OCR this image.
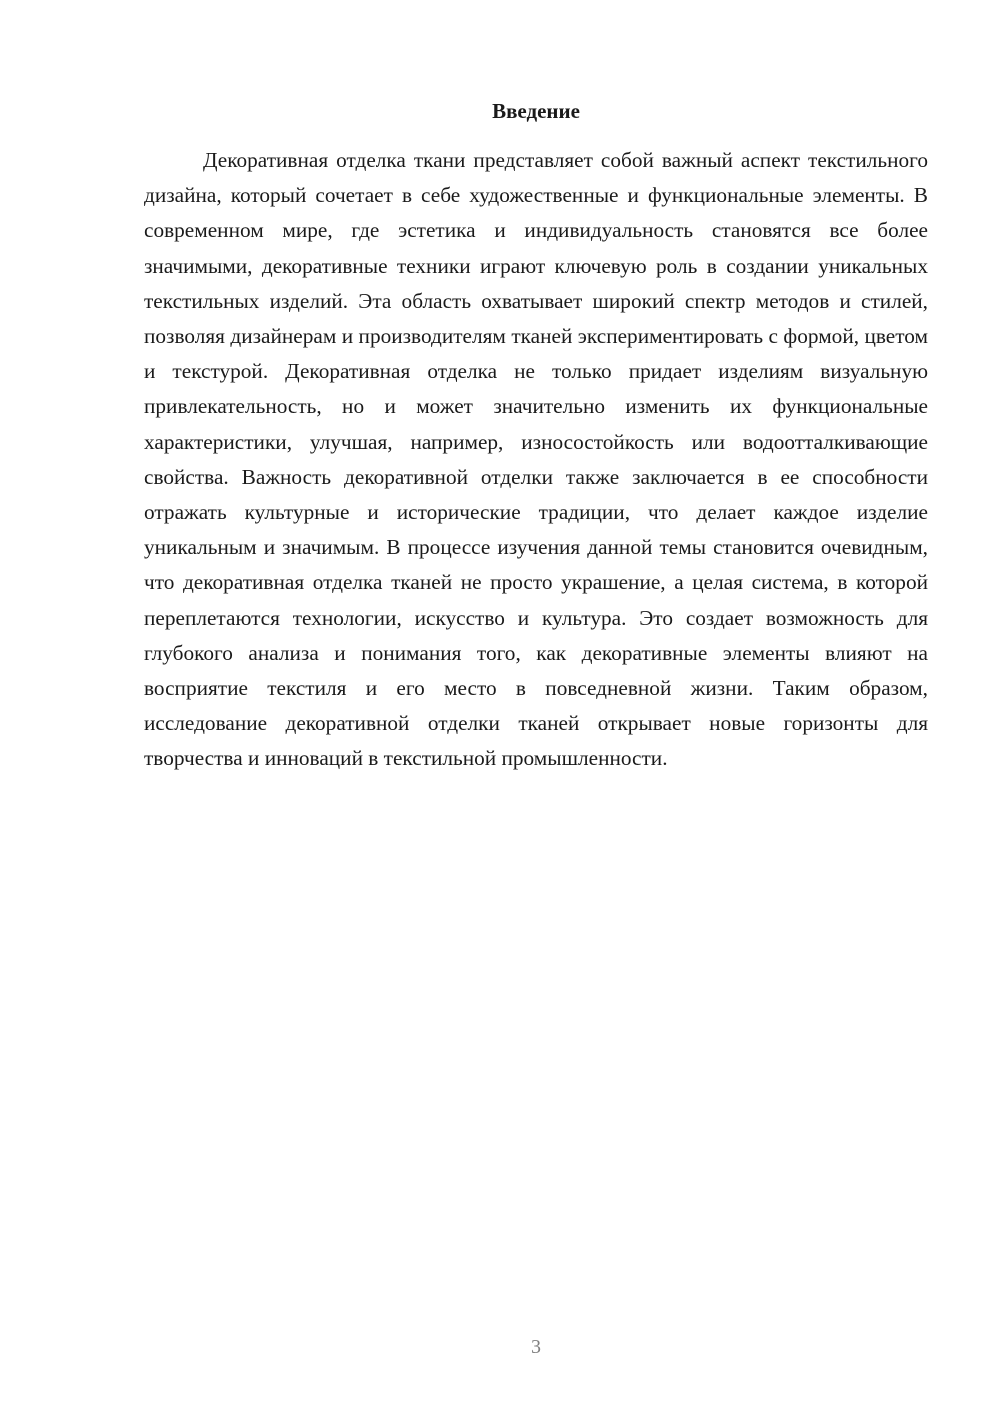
Введение

Декоративная отделка ткани представляет собой важный аспект текстильного дизайна, который сочетает в себе художественные и функциональные элементы. В современном мире, где эстетика и индивидуальность становятся все более значимыми, декоративные техники играют ключевую роль в создании уникальных текстильных изделий. Эта область охватывает широкий спектр методов и стилей, позволяя дизайнерам и производителям тканей экспериментировать с формой, цветом и текстурой. Декоративная отделка не только придает изделиям визуальную привлекательность, но и может значительно изменить их функциональные характеристики, улучшая, например, износостойкость или водоотталкивающие свойства. Важность декоративной отделки также заключается в ее способности отражать культурные и исторические традиции, что делает каждое изделие уникальным и значимым. В процессе изучения данной темы становится очевидным, что декоративная отделка тканей не просто украшение, а целая система, в которой переплетаются технологии, искусство и культура. Это создает возможность для глубокого анализа и понимания того, как декоративные элементы влияют на восприятие текстиля и его место в повседневной жизни. Таким образом, исследование декоративной отделки тканей открывает новые горизонты для творчества и инноваций в текстильной промышленности.

3
